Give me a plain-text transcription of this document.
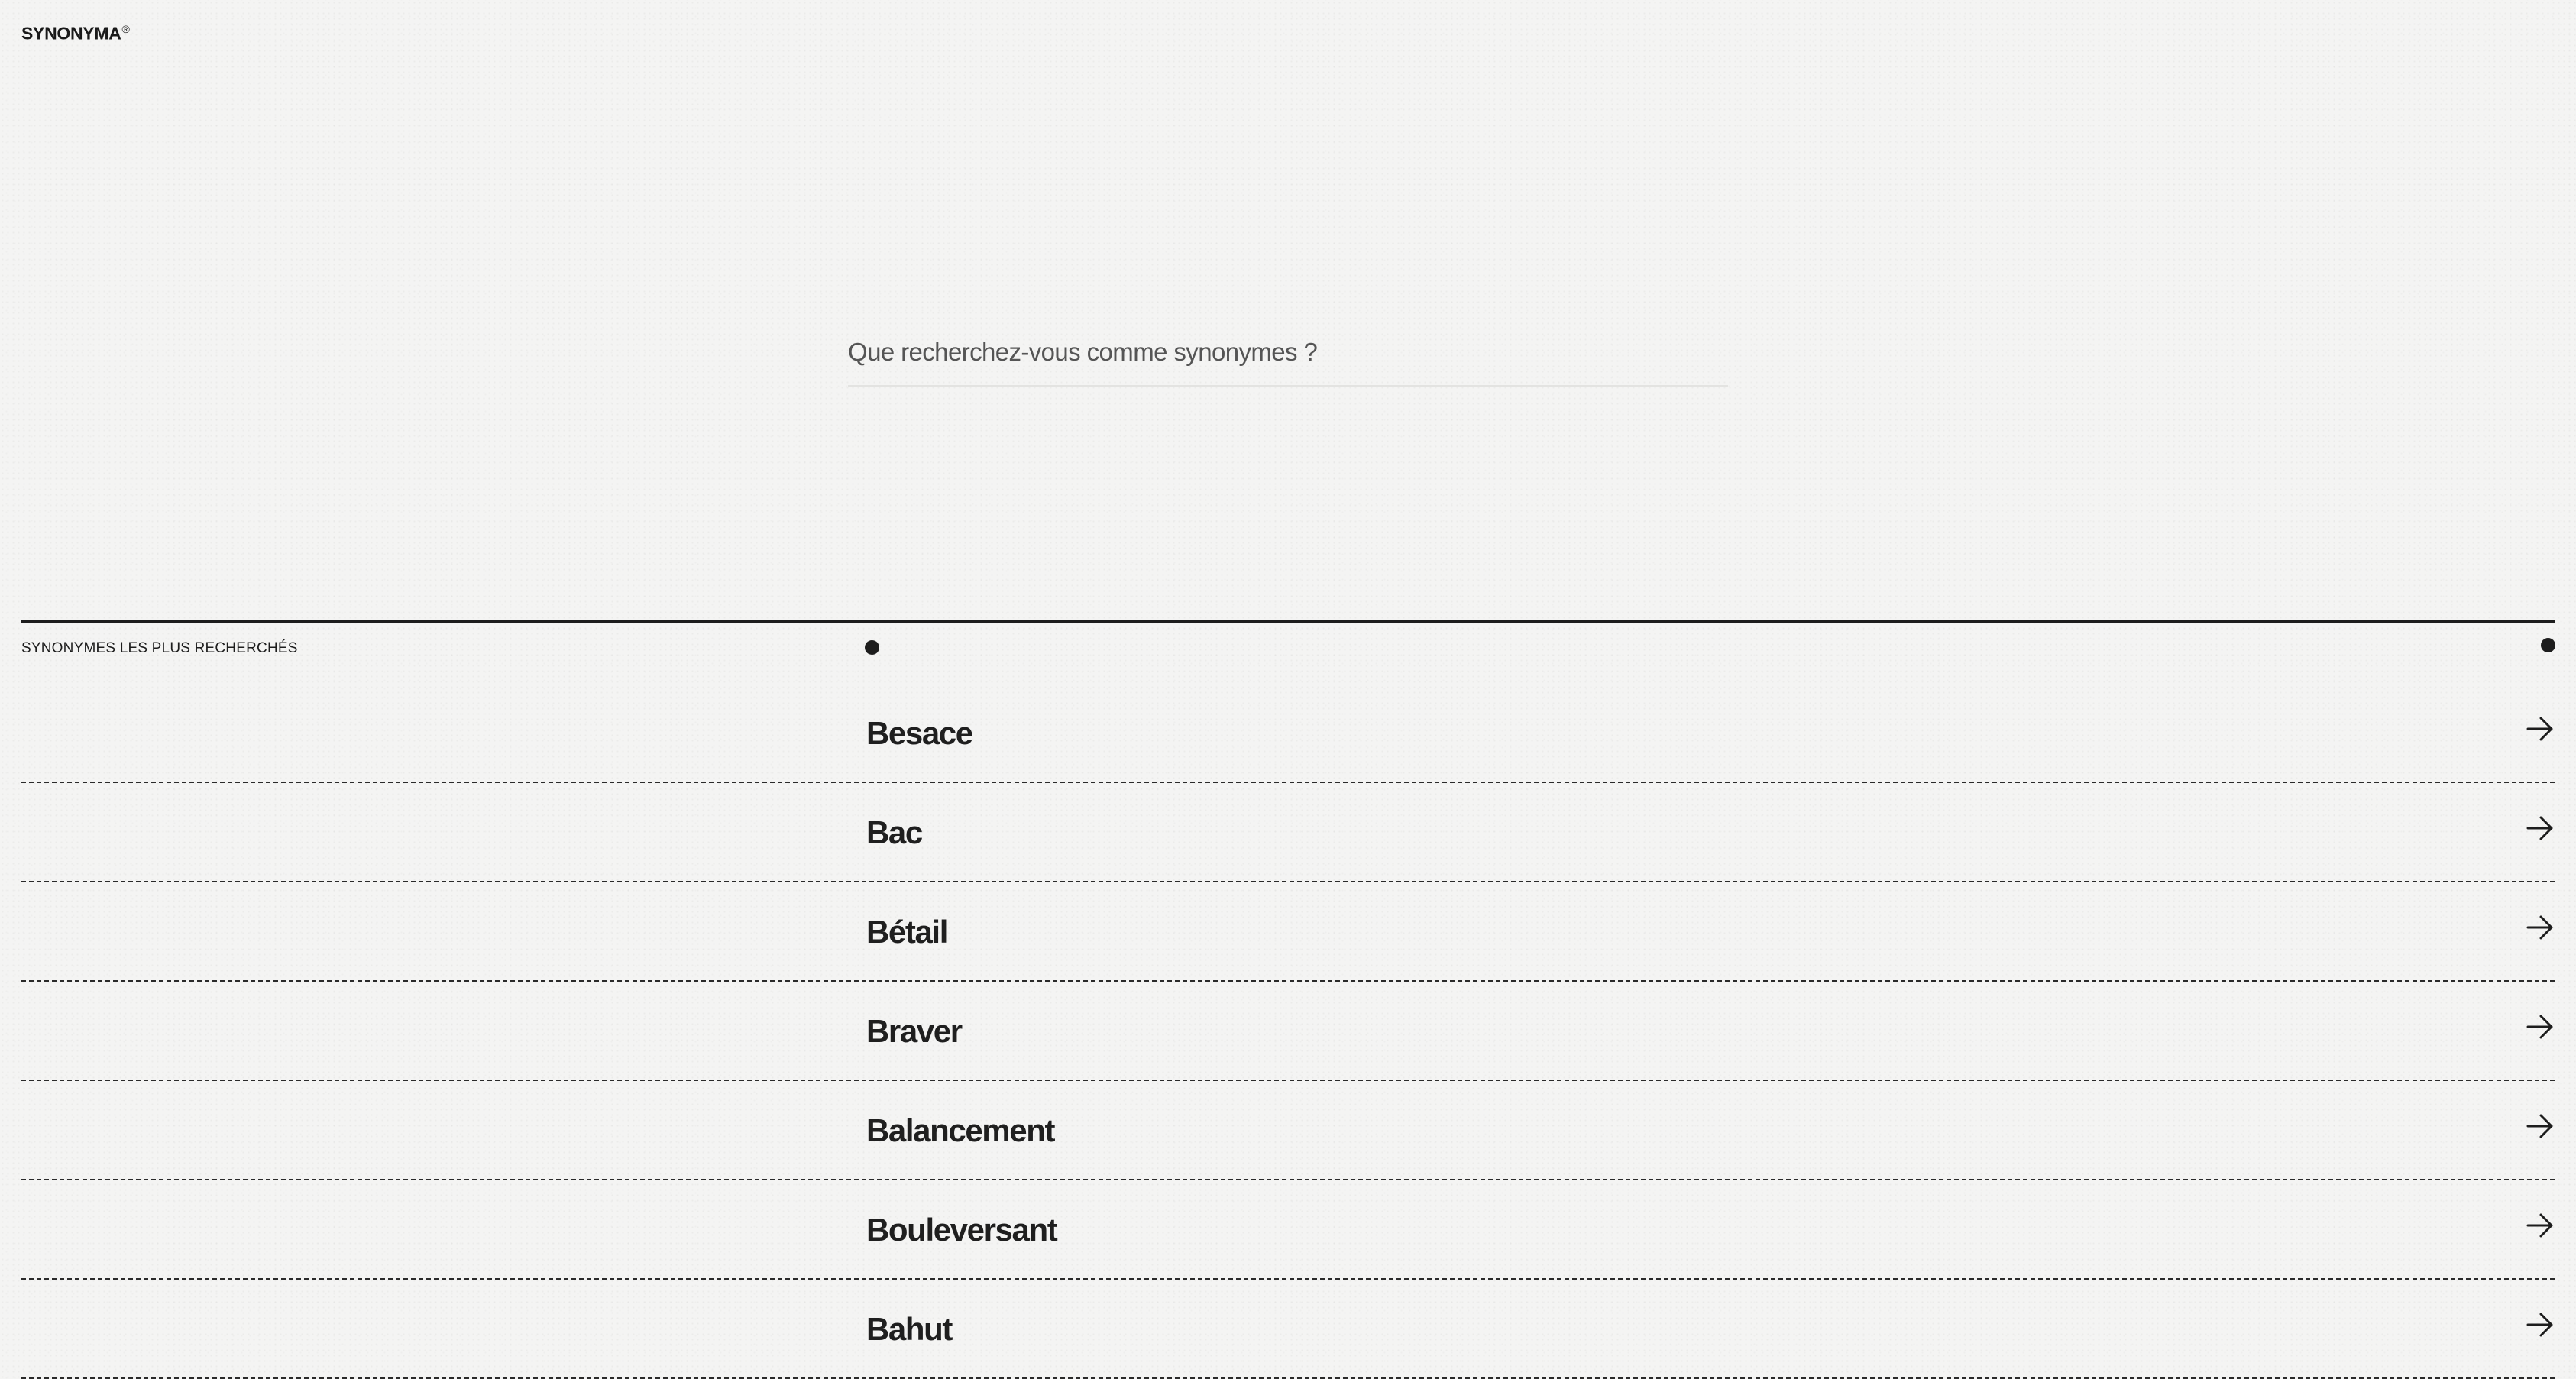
SYNONYMA®
Que recherchez-vous comme synonymes ?
SYNONYMES LES PLUS RECHERCHÉS
Besace
Bac
Bétail
Braver
Balancement
Bouleversant
Bahut
